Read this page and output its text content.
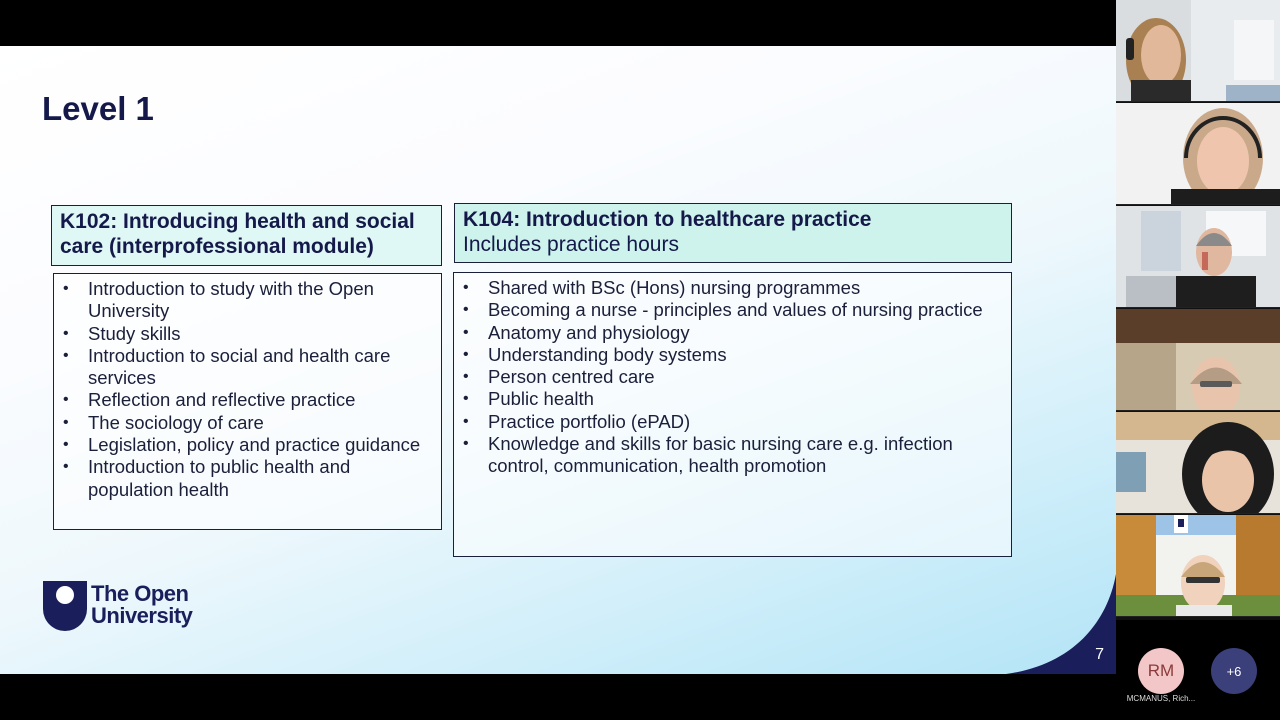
Level 1
K102: Introducing health and social care (interprofessional module)
• Introduction to study with the Open University
• Study skills
• Introduction to social and health care services
• Reflection and reflective practice
• The sociology of care
• Legislation, policy and practice guidance
• Introduction to public health and population health
K104: Introduction to healthcare practice
Includes practice hours
• Shared with BSc (Hons) nursing programmes
• Becoming a nurse - principles and values of nursing practice
• Anatomy and physiology
• Understanding body systems
• Person centred care
• Public health
• Practice portfolio (ePAD)
• Knowledge and skills for basic nursing care e.g. infection control, communication, health promotion
The Open
University
7
RM
MCMANUS, Rich...
+6
